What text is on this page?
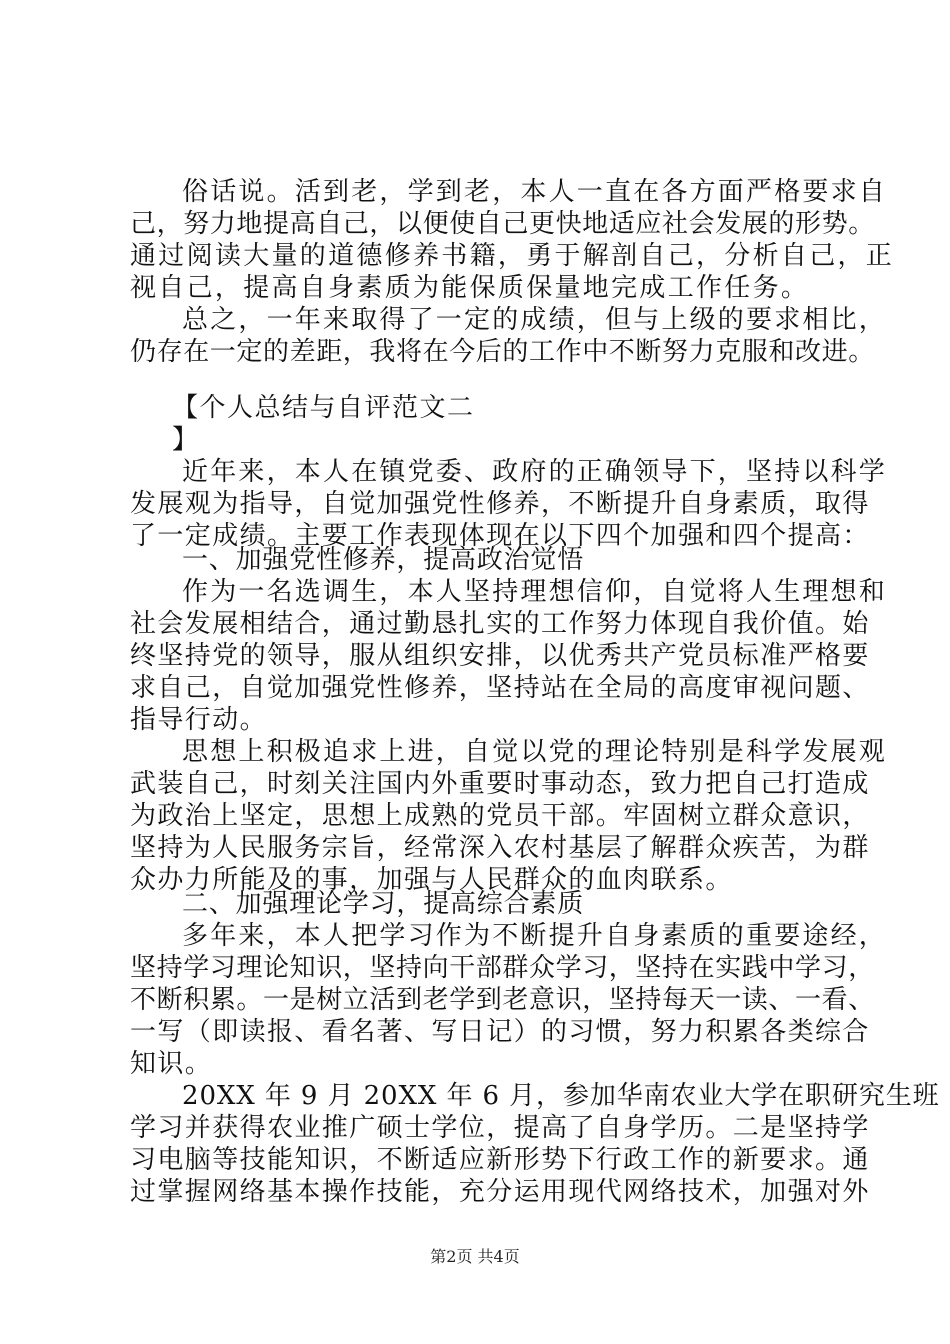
俗话说。活到老，学到老，本人一直在各方面严格要求自
己，努力地提高自己，以便使自己更快地适应社会发展的形势。
通过阅读大量的道德修养书籍，勇于解剖自己，分析自己，正
视自己，提高自身素质为能保质保量地完成工作任务。
总之，一年来取得了一定的成绩，但与上级的要求相比，
仍存在一定的差距，我将在今后的工作中不断努力克服和改进。
【个人总结与自评范文二
】
近年来，本人在镇党委、政府的正确领导下，坚持以科学
发展观为指导，自觉加强党性修养，不断提升自身素质，取得
了一定成绩。主要工作表现体现在以下四个加强和四个提高：
一、加强党性修养，提高政治觉悟
作为一名选调生，本人坚持理想信仰，自觉将人生理想和
社会发展相结合，通过勤恳扎实的工作努力体现自我价值。始
终坚持党的领导，服从组织安排，以优秀共产党员标准严格要
求自己，自觉加强党性修养，坚持站在全局的高度审视问题、
指导行动。
思想上积极追求上进，自觉以党的理论特别是科学发展观
武装自己，时刻关注国内外重要时事动态，致力把自己打造成
为政治上坚定，思想上成熟的党员干部。牢固树立群众意识，
坚持为人民服务宗旨，经常深入农村基层了解群众疾苦，为群
众办力所能及的事，加强与人民群众的血肉联系。
二、加强理论学习，提高综合素质
多年来，本人把学习作为不断提升自身素质的重要途经，
坚持学习理论知识，坚持向干部群众学习，坚持在实践中学习，
不断积累。一是树立活到老学到老意识，坚持每天一读、一看、
一写（即读报、看名著、写日记）的习惯，努力积累各类综合
知识。
20XX 年 9 月 20XX 年 6 月，参加华南农业大学在职研究生班
学习并获得农业推广硕士学位，提高了自身学历。二是坚持学
习电脑等技能知识，不断适应新形势下行政工作的新要求。通
过掌握网络基本操作技能，充分运用现代网络技术，加强对外
第2页 共4页
